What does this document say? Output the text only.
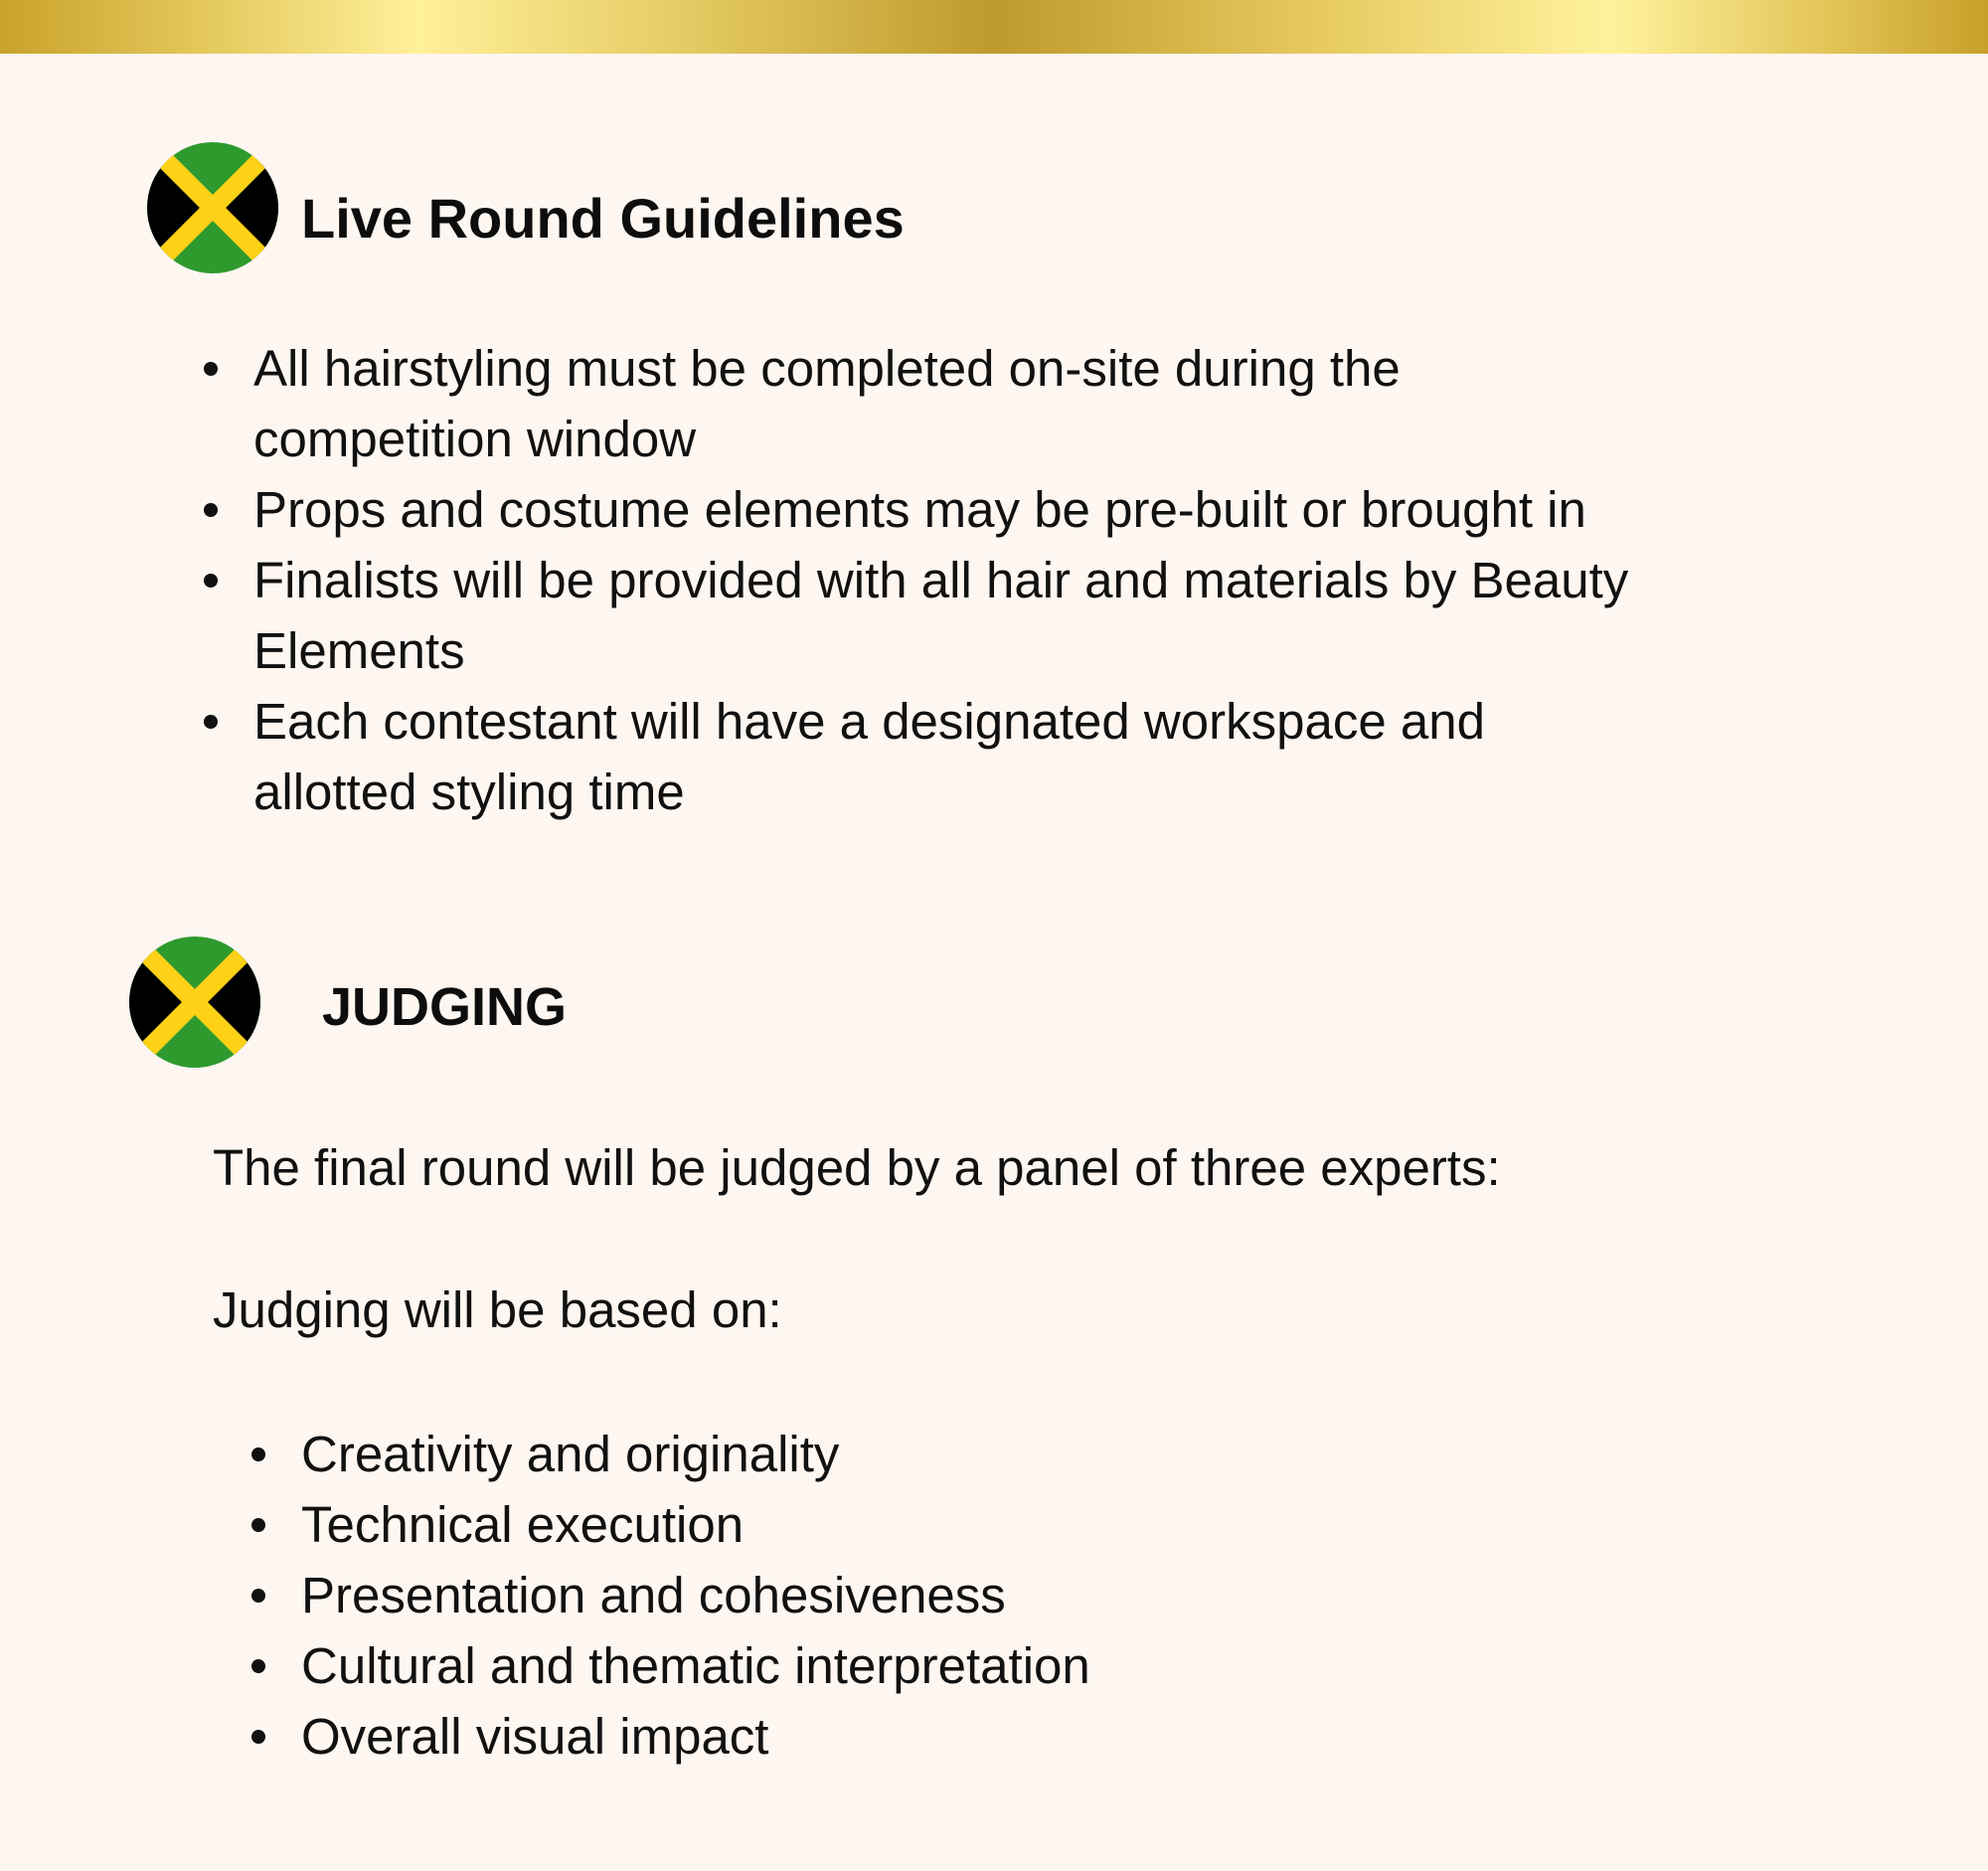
Live Round Guidelines
All hairstyling must be completed on-site during the
competition window
Props and costume elements may be pre-built or brought in
Finalists will be provided with all hair and materials by Beauty
Elements
Each contestant will have a designated workspace and
allotted styling time
JUDGING

The final round will be judged by a panel of three experts:

Judging will be based on:

Creativity and originality
Technical execution
Presentation and cohesiveness
Cultural and thematic interpretation
Overall visual impact
